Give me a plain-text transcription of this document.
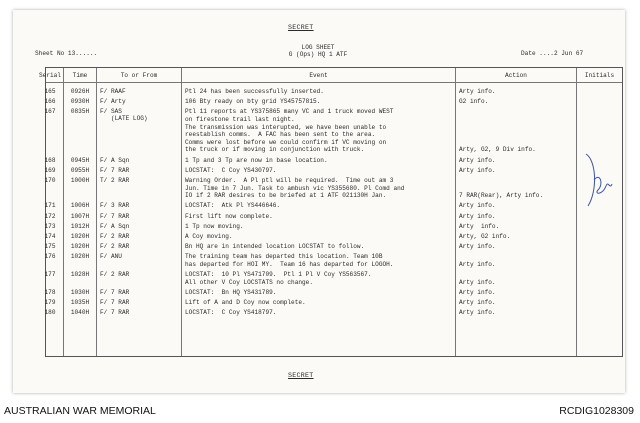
SECRET
Sheet No 13......
LOG SHEET
G (Ops) HQ 1 ATF	Date ....2 Jun 67
SECRET
Serial	Time	To or From	Event	Action	Initials
165	0926H	F/ RAAF	Ptl 24 has been successfully inserted.	Arty info.
166	0930H	F/ Arty	106 Bty ready on bty grid YS45757815.	G2 info.
167	0835H	F/ SAS
(LATE LOG)
Ptl 11 reports at YS375865 many VC and 1 truck moved WEST
on firestone trail last night.
The transmission was interupted, we have been unable to
reestablish comms.  A FAC has been sent to the area.
Comms were lost before we could confirm if VC moving on
the truck or if moving in conjunction with truck.	Arty, G2, 9 Div info.
168	0945H	F/ A Sqn	1 Tp and 3 Tp are now in base location.	Arty info.
169	0955H	F/ 7 RAR	LOCSTAT:  C Coy YS430797.	Arty info.
170	1000H	T/ 2 RAR	Warning Order.  A Pl ptl will be required.  Time out am 3
Jun. Time in 7 Jun. Task to ambush vic YS355680. Pl Comd and
IO if 2 RAR desires to be briefed at 1 ATF 021130H Jan.	7 RAR(Rear), Arty info.
171	1006H	F/ 3 RAR	LOCSTAT:  Atk Pl YS446646.	Arty info.
172	1007H	F/ 7 RAR	First lift now complete.	Arty info.
173	1012H	F/ A Sqn	1 Tp now moving.	Arty  info.
174	1020H	F/ 2 RAR	A Coy moving.	Arty, G2 info.
175	1020H	F/ 2 RAR	Bn HQ are in intended location LOCSTAT to follow.	Arty info.
176	1020H	F/ ANU	The training team has departed this location. Team 10B
has departed for HOI MY.  Team 16 has departed for LOGOH.	Arty info.
177	1028H	F/ 2 RAR	LOCSTAT:  10 Pl YS471709.  Ptl 1 Pl V Coy YS563567.
All other V Coy LOCSTATS no change.	Arty info.
178	1030H	F/ 7 RAR	LOCSTAT:  Bn HQ YS431789.	Arty info.
179	1035H	F/ 7 RAR	Lift of A and D Coy now complete.	Arty info.
180	1040H	F/ 7 RAR	LOCSTAT:  C Coy YS418797.	Arty info.
AUSTRALIAN WAR MEMORIAL	RCDIG1028309
